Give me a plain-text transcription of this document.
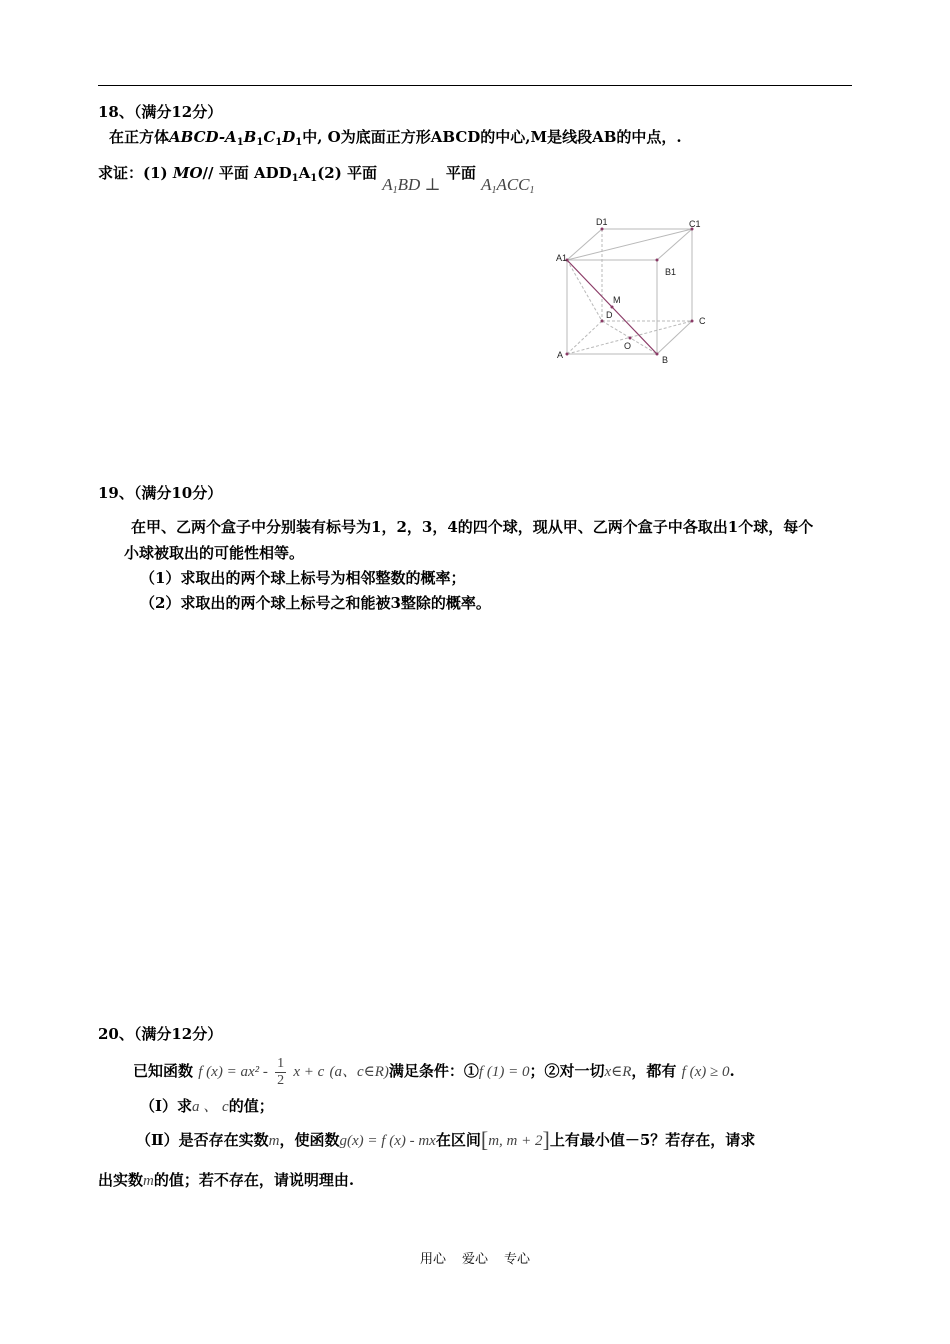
18、（满分12分）
在正方体ABCD-$A_1B_1C_1D_1$中, O为底面正方形ABCD的中心,M是线段AB的中点，.
求证：(1) MO// 平面 $ADD_1A_1(2)$ 平面 $A_1BD$ ⊥ 平面 $A_1ACC_1$
D1	C1
A1
B1
M
D
C
A
O
B
19、（满分10分）
在甲、乙两个盒子中分别装有标号为1，2，3，4的四个球，现从甲、乙两个盒子中各取出1个球，每个
小球被取出的可能性相等。
（1）求取出的两个球上标号为相邻整数的概率；
（2）求取出的两个球上标号之和能被3整除的概率。
20、（满分12分）
已知函数 f $(x) = ax^2 - \frac{1}{2}$ x + c (a、c∈R)满足条件：①f (1) = 0；②对一切x∈R，都有 f (x) ≥ 0.
（Ⅰ）求a 、 c的值；
（Ⅱ）是否存在实数m，使函数g(x) = f (x) - mx在区间[m, m + 2]上有最小值－5？若存在，请求
出实数m的值；若不存在，请说明理由.
用心 爱心 专心
